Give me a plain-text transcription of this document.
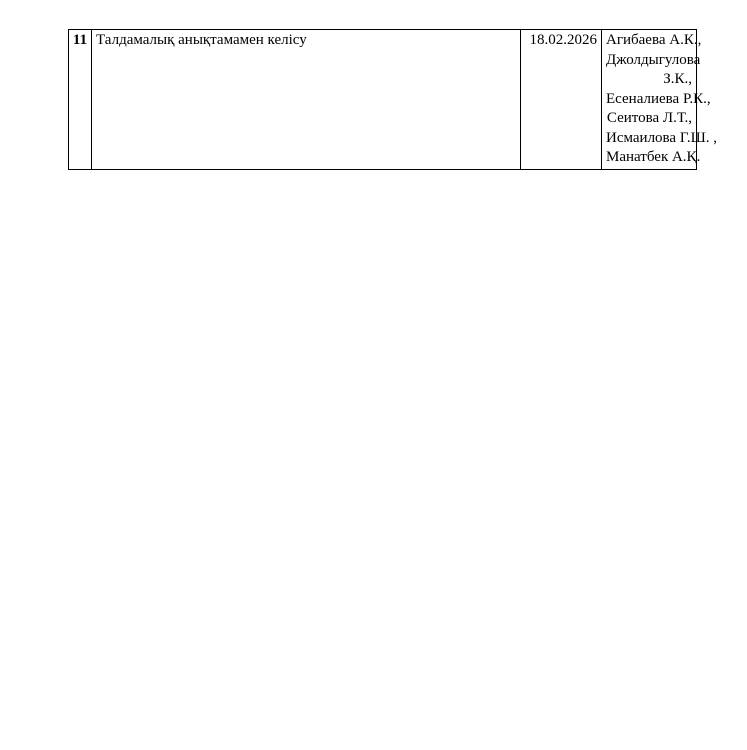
11	Талдамалық анықтамамен келісу	18.02.2026	Агибаева А.К.,
Джолдыгулова
З.К.,
Есеналиева Р.К.,
Сеитова Л.Т.,
Исмаилова Г.Ш. ,
Манатбек А.Қ.
